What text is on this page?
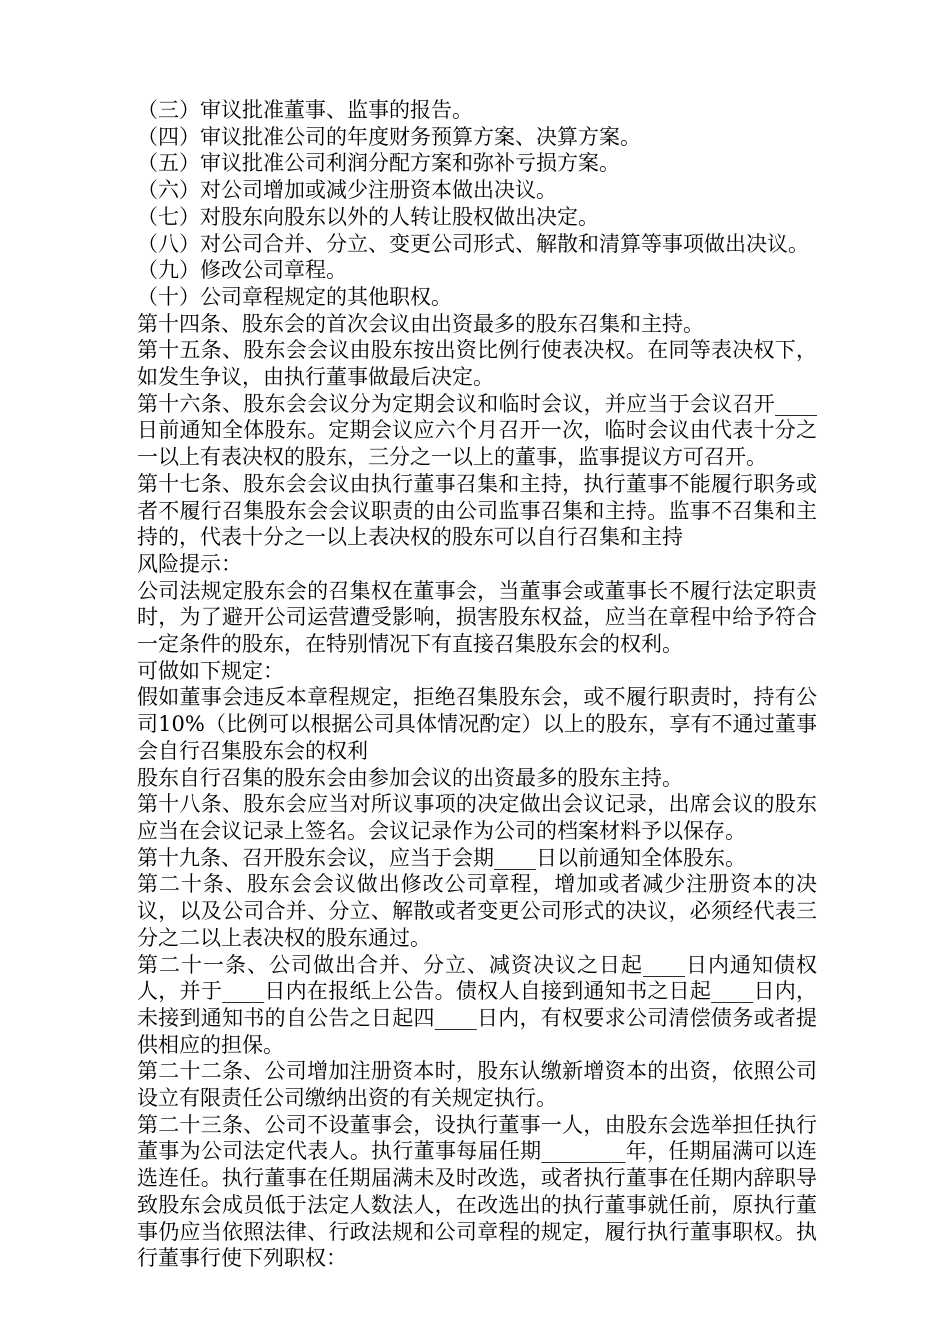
（三）审议批准董事、监事的报告。

（四）审议批准公司的年度财务预算方案、决算方案。

（五）审议批准公司利润分配方案和弥补亏损方案。

（六）对公司增加或减少注册资本做出决议。

（七）对股东向股东以外的人转让股权做出决定。

（八）对公司合并、分立、变更公司形式、解散和清算等事项做出决议。

（九）修改公司章程。

（十）公司章程规定的其他职权。

第十四条、股东会的首次会议由出资最多的股东召集和主持。

第十五条、股东会会议由股东按出资比例行使表决权。在同等表决权下，如发生争议，由执行董事做最后决定。

第十六条、股东会会议分为定期会议和临时会议，并应当于会议召开____日前通知全体股东。定期会议应六个月召开一次，临时会议由代表十分之一以上有表决权的股东，三分之一以上的董事，监事提议方可召开。

第十七条、股东会会议由执行董事召集和主持，执行董事不能履行职务或者不履行召集股东会会议职责的由公司监事召集和主持。监事不召集和主持的，代表十分之一以上表决权的股东可以自行召集和主持

风险提示：

公司法规定股东会的召集权在董事会，当董事会或董事长不履行法定职责时，为了避开公司运营遭受影响，损害股东权益，应当在章程中给予符合一定条件的股东，在特别情况下有直接召集股东会的权利。

可做如下规定：

假如董事会违反本章程规定，拒绝召集股东会，或不履行职责时，持有公司10%（比例可以根据公司具体情况酌定）以上的股东，享有不通过董事会自行召集股东会的权利

股东自行召集的股东会由参加会议的出资最多的股东主持。

第十八条、股东会应当对所议事项的决定做出会议记录，出席会议的股东应当在会议记录上签名。会议记录作为公司的档案材料予以保存。

第十九条、召开股东会议，应当于会期____日以前通知全体股东。

第二十条、股东会会议做出修改公司章程，增加或者减少注册资本的决议，以及公司合并、分立、解散或者变更公司形式的决议，必须经代表三分之二以上表决权的股东通过。

第二十一条、公司做出合并、分立、减资决议之日起____日内通知债权人，并于____日内在报纸上公告。债权人自接到通知书之日起____日内，未接到通知书的自公告之日起四____日内，有权要求公司清偿债务或者提供相应的担保。

第二十二条、公司增加注册资本时，股东认缴新增资本的出资，依照公司设立有限责任公司缴纳出资的有关规定执行。

第二十三条、公司不设董事会，设执行董事一人，由股东会选举担任执行董事为公司法定代表人。执行董事每届任期________年，任期届满可以连选连任。执行董事在任期届满未及时改选，或者执行董事在任期内辞职导致股东会成员低于法定人数法人，在改选出的执行董事就任前，原执行董事仍应当依照法律、行政法规和公司章程的规定，履行执行董事职权。执行董事行使下列职权：
